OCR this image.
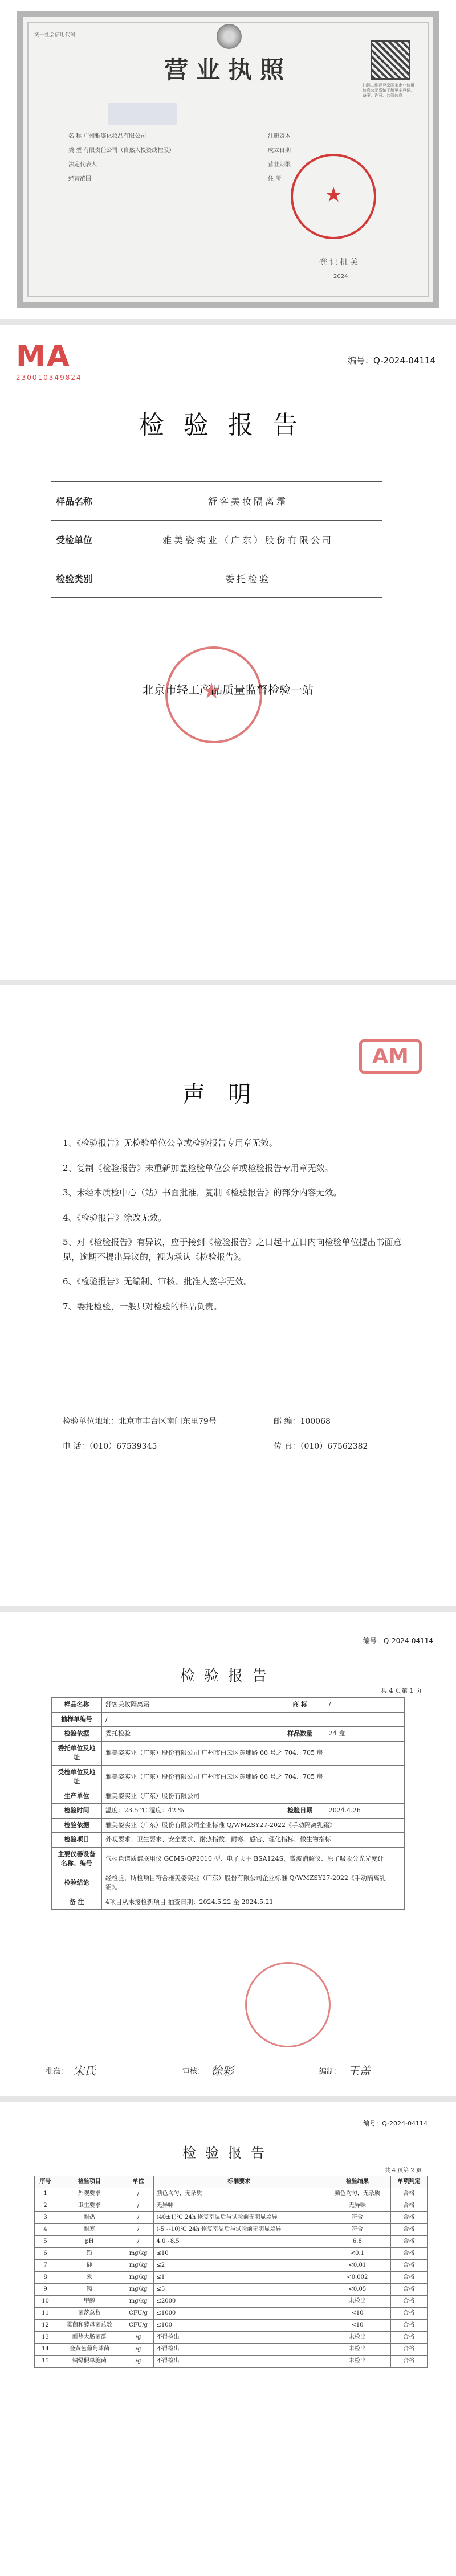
统一社会信用代码
营业执照
扫描二维码登录国家企业信用信息公示系统了解更多登记、备案、许可、监管信息
名 称 广州雅姿化妆品有限公司
类 型 有限责任公司（自然人投资或控股）
法定代表人
经营范围
注册资本
成立日期
营业期限
住 所
★
登记机关
2024
MA
230010349824
编号：Q-2024-04114
检验报告
样品名称	舒客美妆隔离霜
受检单位	雅美姿实业（广东）股份有限公司
检验类别	委托检验
★
北京市轻工产品质量监督检验一站
AM
声明
1、《检验报告》无检验单位公章或检验报告专用章无效。
2、复制《检验报告》未重新加盖检验单位公章或检验报告专用章无效。
3、未经本质检中心（站）书面批准，复制《检验报告》的部分内容无效。
4、《检验报告》涂改无效。
5、对《检验报告》有异议，应于接到《检验报告》之日起十五日内向检验单位提出书面意见，逾期不提出异议的，视为承认《检验报告》。
6、《检验报告》无编制、审核、批准人签字无效。
7、委托检验，一般只对检验的样品负责。
检验单位地址：北京市丰台区南门东里79号	邮 编：100068
电 话：（010）67539345	传 真：（010）67562382
编号：Q-2024-04114
检验报告
共 4 页第 1 页
样品名称	舒客美妆隔离霜	商 标	/
抽样单编号	/		
检验依据	委托检验	样品数量	24 盒
委托单位及地址	雅美姿实业（广东）股份有限公司 广州市白云区黄埔路 66 号之 704、705 房		
受检单位及地址	雅美姿实业（广东）股份有限公司 广州市白云区黄埔路 66 号之 704、705 房		
生产单位	雅美姿实业（广东）股份有限公司		
检验时间	温度：23.5 ℃ 湿度：42 %	检验日期	2024.4.26
检验依据	雅美姿实业（广东）股份有限公司企业标准 Q/WMZSY27-2022《手动隔离乳霜》		
检验项目	外观要求、卫生要求、安全要求、耐热指数、耐寒、感官、理化指标、微生物指标		
主要仪器设备名称、编号	气相色谱质谱联用仪 GCMS-QP2010 型、电子天平 BSA124S、微波消解仪、原子吸收分光光度计		
检验结论	经检验，所检项目符合雅美姿实业（广东）股份有限公司企业标准 Q/WMZSY27-2022《手动隔离乳霜》。		
备 注	4项目从未接检新项目 抽查日期：2024.5.22 至 2024.5.21		
批准： 宋氏	审核： 徐彩	编制： 王盖
编号：Q-2024-04114
检验报告
共 4 页第 2 页
序号	检验项目	单位	标准要求	检验结果	单项判定
1	外观要求	/	颜色均匀，无杂质	颜色均匀，无杂质	合格
2	卫生要求	/	无异味	无异味	合格
3	耐热	/	(40±1)℃ 24h 恢复室温后与试验前无明显差异	符合	合格
4	耐寒	/	(-5~-10)℃ 24h 恢复室温后与试验前无明显差异	符合	合格
5	pH	/	4.0~8.5	6.8	合格
6	铅	mg/kg	≤10	<0.1	合格
7	砷	mg/kg	≤2	<0.01	合格
8	汞	mg/kg	≤1	<0.002	合格
9	镉	mg/kg	≤5	<0.05	合格
10	甲醇	mg/kg	≤2000	未检出	合格
11	菌落总数	CFU/g	≤1000	<10	合格
12	霉菌和酵母菌总数	CFU/g	≤100	<10	合格
13	耐热大肠菌群	/g	不得检出	未检出	合格
14	金黄色葡萄球菌	/g	不得检出	未检出	合格
15	铜绿假单胞菌	/g	不得检出	未检出	合格
